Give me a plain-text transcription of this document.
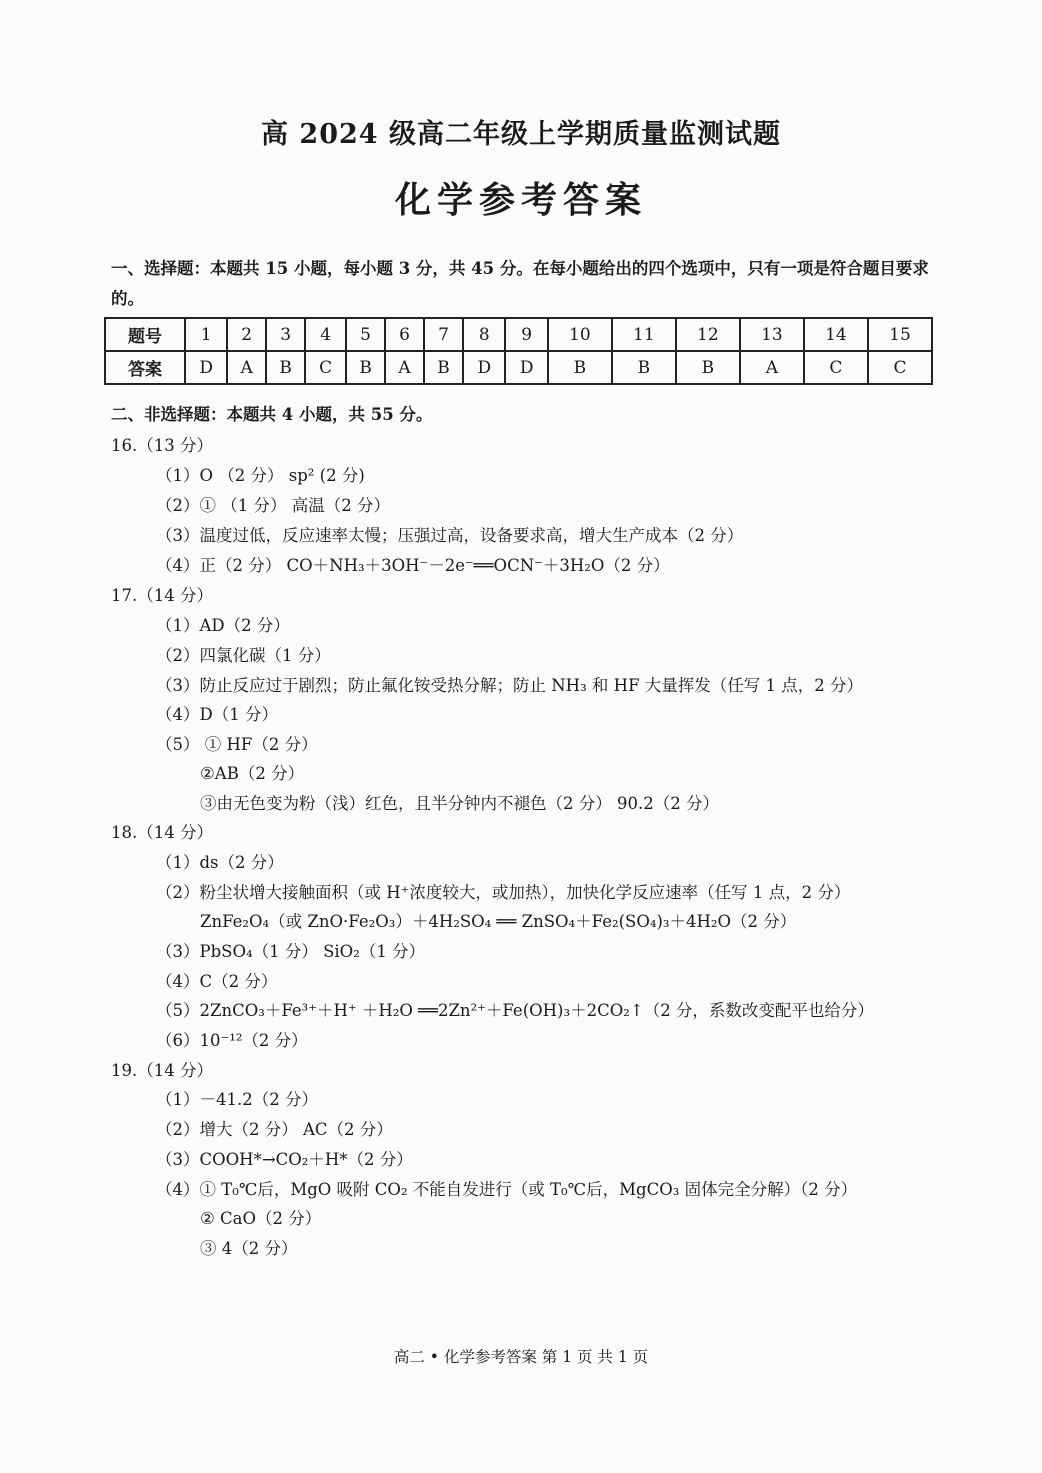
高 2024 级高二年级上学期质量监测试题
化学参考答案
一、选择题：本题共 15 小题，每小题 3 分，共 45 分。在每小题给出的四个选项中，只有一项是符合题目要求的。
题号	1	2	3	4	5	6	7	8	9	10	11	12	13	14	15
答案	D	A	B	C	B	A	B	D	D	B	B	B	A	C	C
二、非选择题：本题共 4 小题，共 55 分。
16.（13 分）
（1）O （2 分） sp² (2 分)
（2）① （1 分） 高温（2 分）
（3）温度过低，反应速率太慢；压强过高，设备要求高，增大生产成本（2 分）
（4）正（2 分） CO＋NH₃＋3OH⁻－2e⁻══OCN⁻＋3H₂O（2 分）
17.（14 分）
（1）AD（2 分）
（2）四氯化碳（1 分）
（3）防止反应过于剧烈；防止氟化铵受热分解；防止 NH₃ 和 HF 大量挥发（任写 1 点，2 分）
（4）D（1 分）
（5） ① HF（2 分）
②AB（2 分）
③由无色变为粉（浅）红色，且半分钟内不褪色（2 分） 90.2（2 分）
18.（14 分）
（1）ds（2 分）
（2）粉尘状增大接触面积（或 H⁺浓度较大，或加热），加快化学反应速率（任写 1 点，2 分）
ZnFe₂O₄（或 ZnO·Fe₂O₃）＋4H₂SO₄ ══ ZnSO₄＋Fe₂(SO₄)₃＋4H₂O（2 分）
（3）PbSO₄（1 分） SiO₂（1 分）
（4）C（2 分）
（5）2ZnCO₃＋Fe³⁺＋H⁺ ＋H₂O ══2Zn²⁺＋Fe(OH)₃＋2CO₂↑（2 分，系数改变配平也给分）
（6）10⁻¹²（2 分）
19.（14 分）
（1）－41.2（2 分）
（2）增大（2 分） AC（2 分）
（3）COOH*→CO₂＋H*（2 分）
（4）① T₀℃后，MgO 吸附 CO₂ 不能自发进行（或 T₀℃后，MgCO₃ 固体完全分解）（2 分）
② CaO（2 分）
③ 4（2 分）
高二 • 化学参考答案 第 1 页 共 1 页
